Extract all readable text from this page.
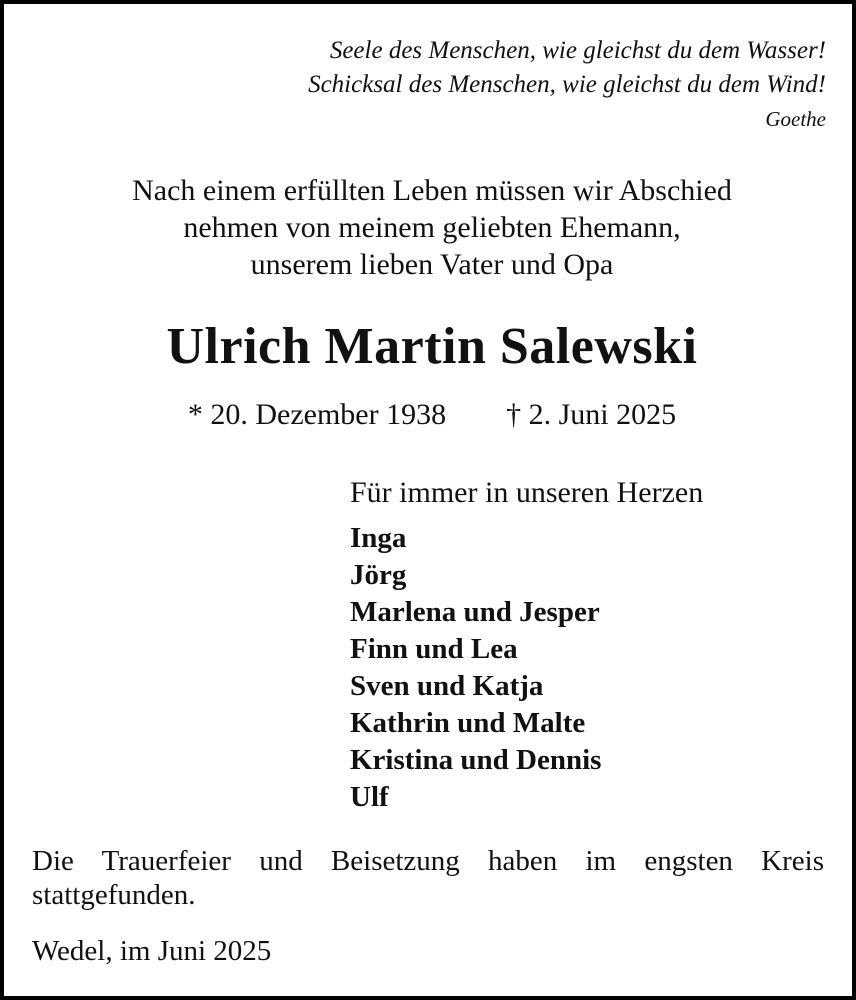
Seele des Menschen, wie gleichst du dem Wasser!
Schicksal des Menschen, wie gleichst du dem Wind!
Goethe
Nach einem erfüllten Leben müssen wir Abschied
nehmen von meinem geliebten Ehemann,
unserem lieben Vater und Opa
Ulrich Martin Salewski
* 20. Dezember 1938 † 2. Juni 2025
Für immer in unseren Herzen
Inga
Jörg
Marlena und Jesper
Finn und Lea
Sven und Katja
Kathrin und Malte
Kristina und Dennis
Ulf
Die Trauerfeier und Beisetzung haben im engsten Kreis stattgefunden.
Wedel, im Juni 2025
